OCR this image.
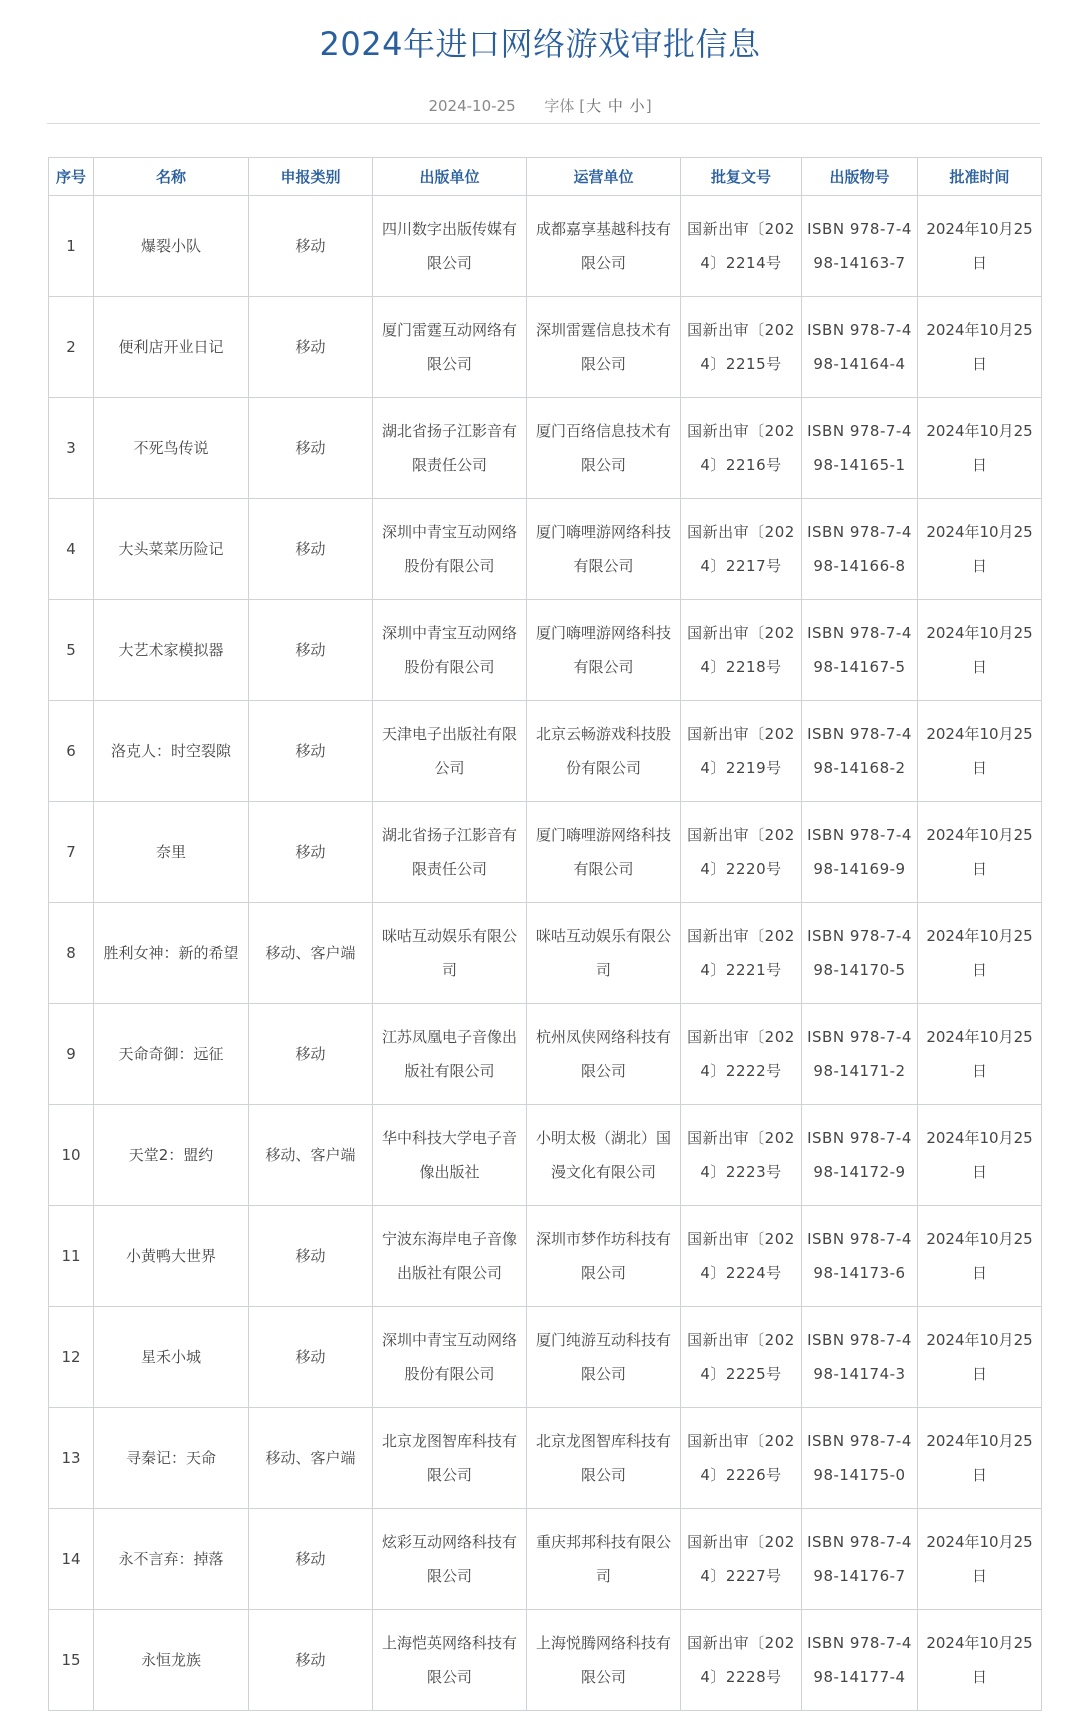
2024年进口网络游戏审批信息
2024-10-25 字体 [大 中 小]
序号	名称	申报类别	出版单位	运营单位	批复文号	出版物号	批准时间
1	爆裂小队	移动	四川数字出版传媒有限公司	成都嘉享基越科技有限公司	国新出审〔2024〕2214号	ISBN 978-7-498-14163-7	2024年10月25日
2	便利店开业日记	移动	厦门雷霆互动网络有限公司	深圳雷霆信息技术有限公司	国新出审〔2024〕2215号	ISBN 978-7-498-14164-4	2024年10月25日
3	不死鸟传说	移动	湖北省扬子江影音有限责任公司	厦门百络信息技术有限公司	国新出审〔2024〕2216号	ISBN 978-7-498-14165-1	2024年10月25日
4	大头菜菜历险记	移动	深圳中青宝互动网络股份有限公司	厦门嗨哩游网络科技有限公司	国新出审〔2024〕2217号	ISBN 978-7-498-14166-8	2024年10月25日
5	大艺术家模拟器	移动	深圳中青宝互动网络股份有限公司	厦门嗨哩游网络科技有限公司	国新出审〔2024〕2218号	ISBN 978-7-498-14167-5	2024年10月25日
6	洛克人：时空裂隙	移动	天津电子出版社有限公司	北京云畅游戏科技股份有限公司	国新出审〔2024〕2219号	ISBN 978-7-498-14168-2	2024年10月25日
7	奈里	移动	湖北省扬子江影音有限责任公司	厦门嗨哩游网络科技有限公司	国新出审〔2024〕2220号	ISBN 978-7-498-14169-9	2024年10月25日
8	胜利女神：新的希望	移动、客户端	咪咕互动娱乐有限公司	咪咕互动娱乐有限公司	国新出审〔2024〕2221号	ISBN 978-7-498-14170-5	2024年10月25日
9	天命奇御：远征	移动	江苏凤凰电子音像出版社有限公司	杭州凤侠网络科技有限公司	国新出审〔2024〕2222号	ISBN 978-7-498-14171-2	2024年10月25日
10	天堂2：盟约	移动、客户端	华中科技大学电子音像出版社	小明太极（湖北）国漫文化有限公司	国新出审〔2024〕2223号	ISBN 978-7-498-14172-9	2024年10月25日
11	小黄鸭大世界	移动	宁波东海岸电子音像出版社有限公司	深圳市梦作坊科技有限公司	国新出审〔2024〕2224号	ISBN 978-7-498-14173-6	2024年10月25日
12	星禾小城	移动	深圳中青宝互动网络股份有限公司	厦门纯游互动科技有限公司	国新出审〔2024〕2225号	ISBN 978-7-498-14174-3	2024年10月25日
13	寻秦记：天命	移动、客户端	北京龙图智库科技有限公司	北京龙图智库科技有限公司	国新出审〔2024〕2226号	ISBN 978-7-498-14175-0	2024年10月25日
14	永不言弃：掉落	移动	炫彩互动网络科技有限公司	重庆邦邦科技有限公司	国新出审〔2024〕2227号	ISBN 978-7-498-14176-7	2024年10月25日
15	永恒龙族	移动	上海恺英网络科技有限公司	上海悦腾网络科技有限公司	国新出审〔2024〕2228号	ISBN 978-7-498-14177-4	2024年10月25日
